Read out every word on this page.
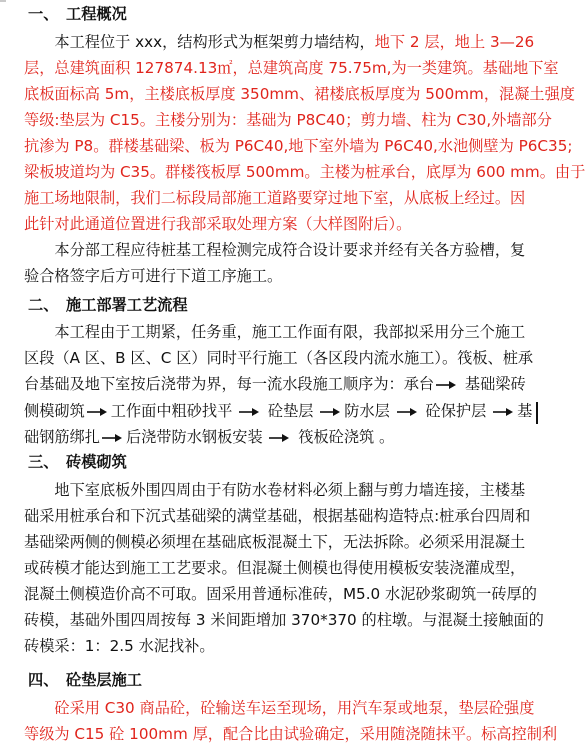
一、 工程概况
　　本工程位于 xxx，结构形式为框架剪力墙结构，地下 2 层，地上 3—26
层，总建筑面积 127874.13㎡，总建筑高度 75.75m,为一类建筑。基础地下室
底板面标高 5m，主楼底板厚度 350mm、裙楼底板厚度为 500mm，混凝土强度
等级:垫层为 C15。主楼分别为：基础为 P8C40；剪力墙、柱为 C30,外墙部分
抗渗为 P8。群楼基础梁、板为 P6C40,地下室外墙为 P6C40,水池侧壁为 P6C35;
梁板坡道均为 C35。群楼筏板厚 500mm。主楼为桩承台，底厚为 600 mm。由于
施工场地限制，我们二标段局部施工道路要穿过地下室，从底板上经过。因
此针对此通道位置进行我部采取处理方案（大样图附后）。
　　本分部工程应待桩基工程检测完成符合设计要求并经有关各方验槽，复
验合格签字后方可进行下道工序施工。
二、 施工部署工艺流程
　　本工程由于工期紧，任务重，施工工作面有限，我部拟采用分三个施工
区段（A 区、B 区、C 区）同时平行施工（各区段内流水施工）。筏板、桩承
台基础及地下室按后浇带为界，每一流水段施工顺序为：承台
基础梁砖
侧模砌筑 工作面中粗砂找平
砼垫层
防水层
砼保护层
基
础钢筋绑扎 后浇带防水钢板安装
筏板砼浇筑 。
三、 砖模砌筑
　　地下室底板外围四周由于有防水卷材料必须上翻与剪力墙连接，主楼基
础采用桩承台和下沉式基础梁的满堂基础，根据基础构造特点:桩承台四周和
基础梁两侧的侧模必须埋在基础底板混凝土下，无法拆除。必须采用混凝土
或砖模才能达到施工工艺要求。但混凝土侧模也得使用模板安装浇灌成型，
混凝土侧模造价高不可取。固采用普通标准砖，M5.0 水泥砂浆砌筑一砖厚的
砖模，基础外围四周按每 3 米间距增加 370*370 的柱墩。与混凝土接触面的
砖模采：1：2.5 水泥找补。
四、 砼垫层施工
　　砼采用 C30 商品砼，砼输送车运至现场，用汽车泵或地泵，垫层砼强度
等级为 C15 砼 100mm 厚，配合比由试验确定，采用随浇随抹平。标高控制利
